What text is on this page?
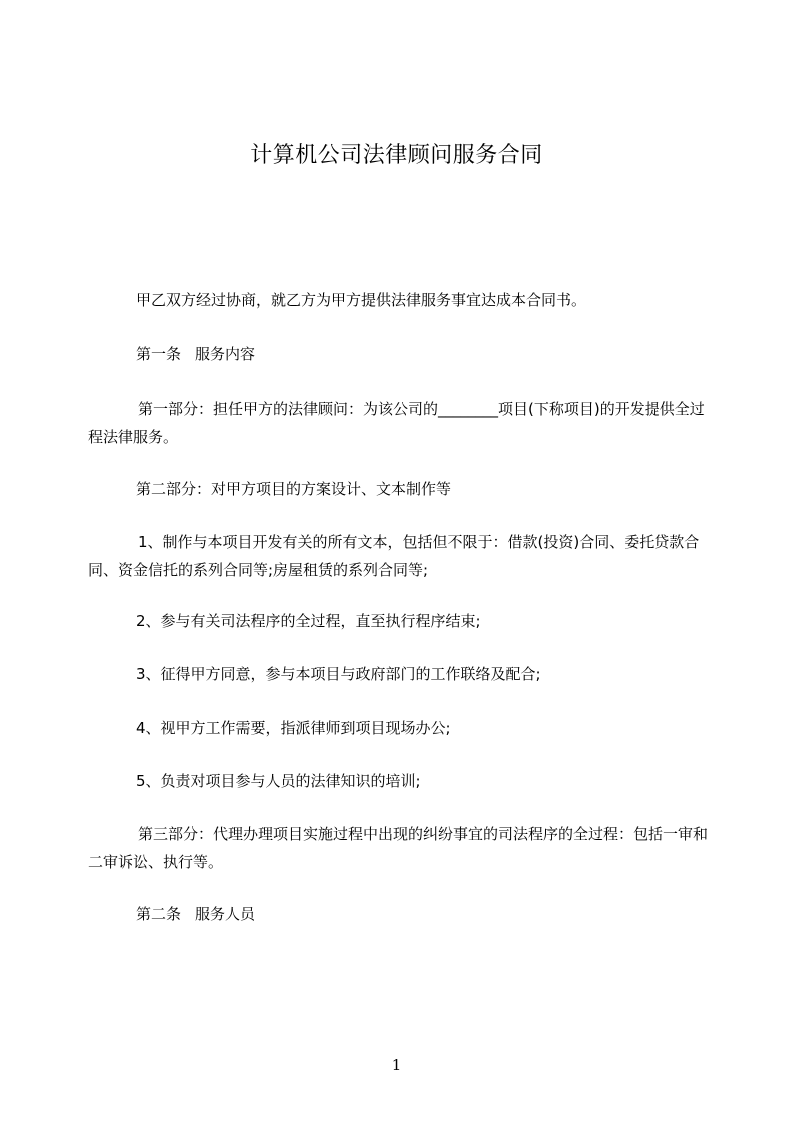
计算机公司法律顾问服务合同

甲乙双方经过协商，就乙方为甲方提供法律服务事宜达成本合同书。

第一条 服务内容

第一部分：担任甲方的法律顾问：为该公司的________项目(下称项目)的开发提供全过程法律服务。

第二部分：对甲方项目的方案设计、文本制作等

1、制作与本项目开发有关的所有文本，包括但不限于：借款(投资)合同、委托贷款合同、资金信托的系列合同等;房屋租赁的系列合同等;

2、参与有关司法程序的全过程，直至执行程序结束;

3、征得甲方同意，参与本项目与政府部门的工作联络及配合;

4、视甲方工作需要，指派律师到项目现场办公;

5、负责对项目参与人员的法律知识的培训;

第三部分：代理办理项目实施过程中出现的纠纷事宜的司法程序的全过程：包括一审和二审诉讼、执行等。

第二条 服务人员

1
